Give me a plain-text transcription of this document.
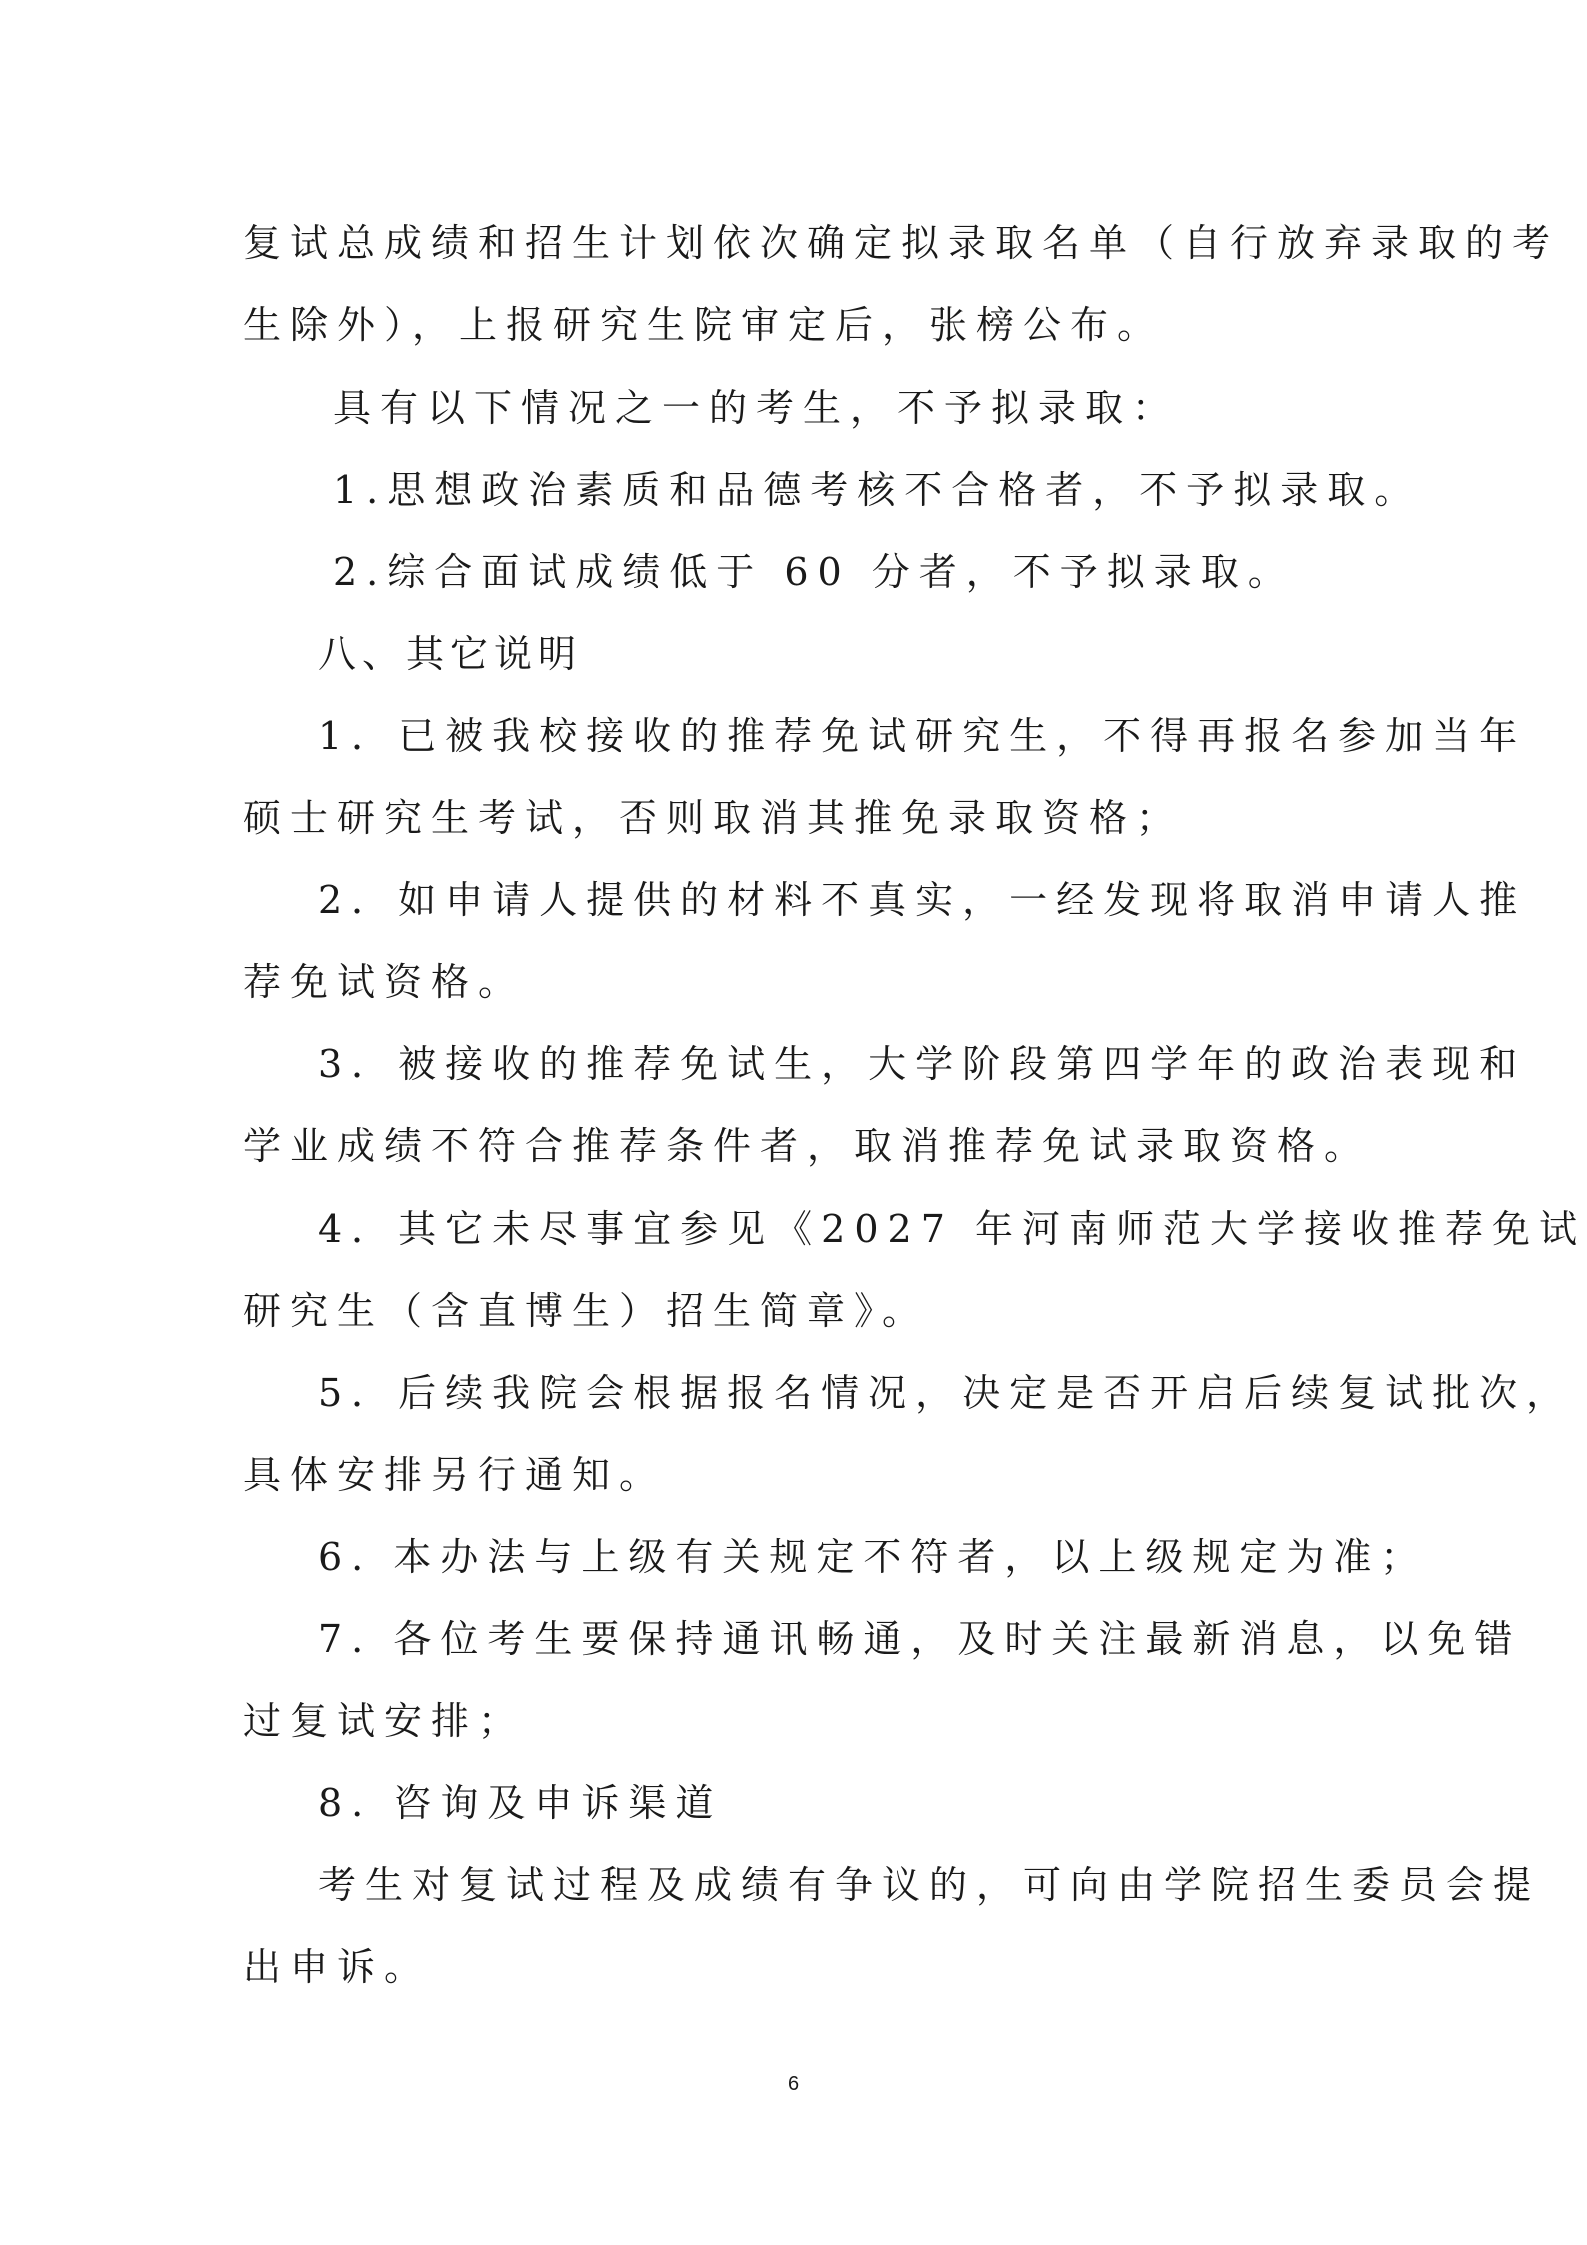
复试总成绩和招生计划依次确定拟录取名单（自行放弃录取的考
生除外），上报研究生院审定后，张榜公布。
具有以下情况之一的考生，不予拟录取：
1.思想政治素质和品德考核不合格者，不予拟录取。
2.综合面试成绩低于 60 分者，不予拟录取。
八、其它说明
1．已被我校接收的推荐免试研究生，不得再报名参加当年
硕士研究生考试，否则取消其推免录取资格；
2．如申请人提供的材料不真实，一经发现将取消申请人推
荐免试资格。
3．被接收的推荐免试生，大学阶段第四学年的政治表现和
学业成绩不符合推荐条件者，取消推荐免试录取资格。
4．其它未尽事宜参见《2027 年河南师范大学接收推荐免试
研究生（含直博生）招生简章》。
5．后续我院会根据报名情况，决定是否开启后续复试批次，
具体安排另行通知。
6. 本办法与上级有关规定不符者，以上级规定为准；
7. 各位考生要保持通讯畅通，及时关注最新消息，以免错
过复试安排；
8. 咨询及申诉渠道
考生对复试过程及成绩有争议的，可向由学院招生委员会提
出申诉。
6
